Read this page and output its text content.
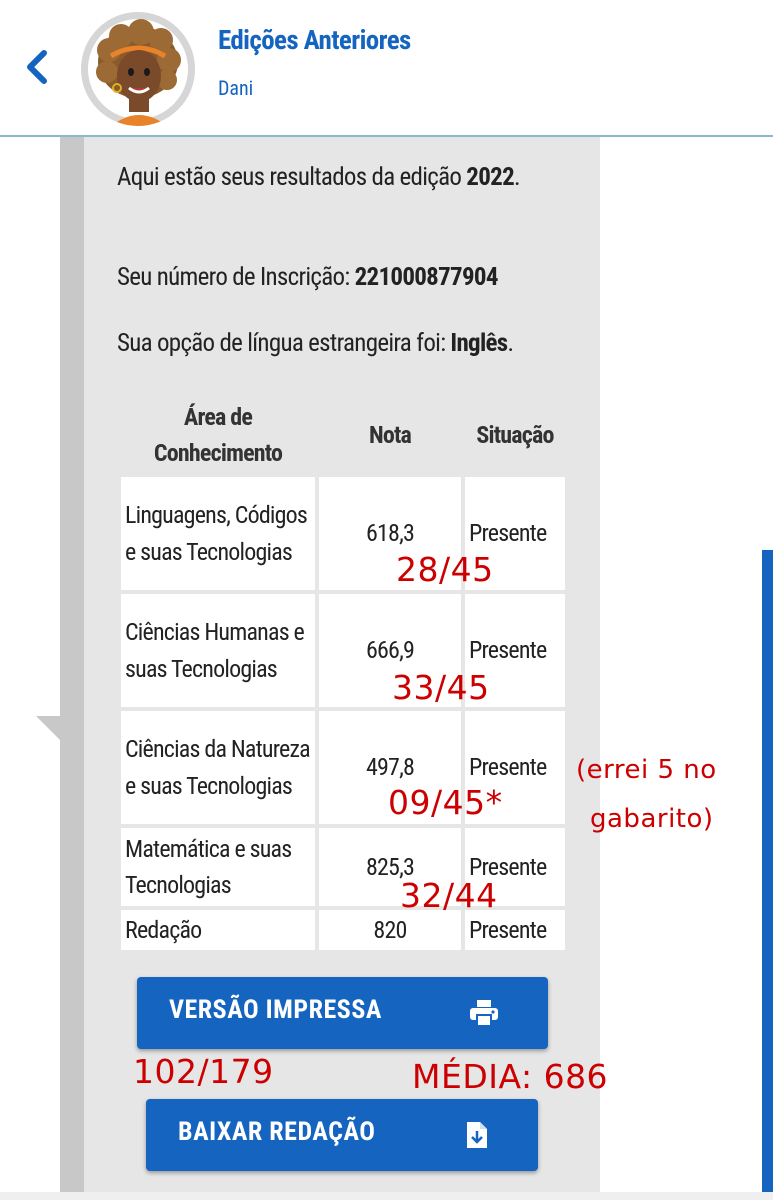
Edições Anteriores
Dani
Aqui estão seus resultados da edição 2022.
Seu número de Inscrição: 221000877904
Sua opção de língua estrangeira foi: Inglês.
Área de Conhecimento	Nota	Situação
Linguagens, Códigos e suas Tecnologias	618,3	Presente
Ciências Humanas e suas Tecnologias	666,9	Presente
Ciências da Natureza e suas Tecnologias	497,8	Presente
Matemática e suas Tecnologias	825,3	Presente
Redação	820	Presente
28/45
33/45
09/45*
32/44
(errei 5 no
gabarito)
102/179	MÉDIA: 686
VERSÃO IMPRESSA
BAIXAR REDAÇÃO
